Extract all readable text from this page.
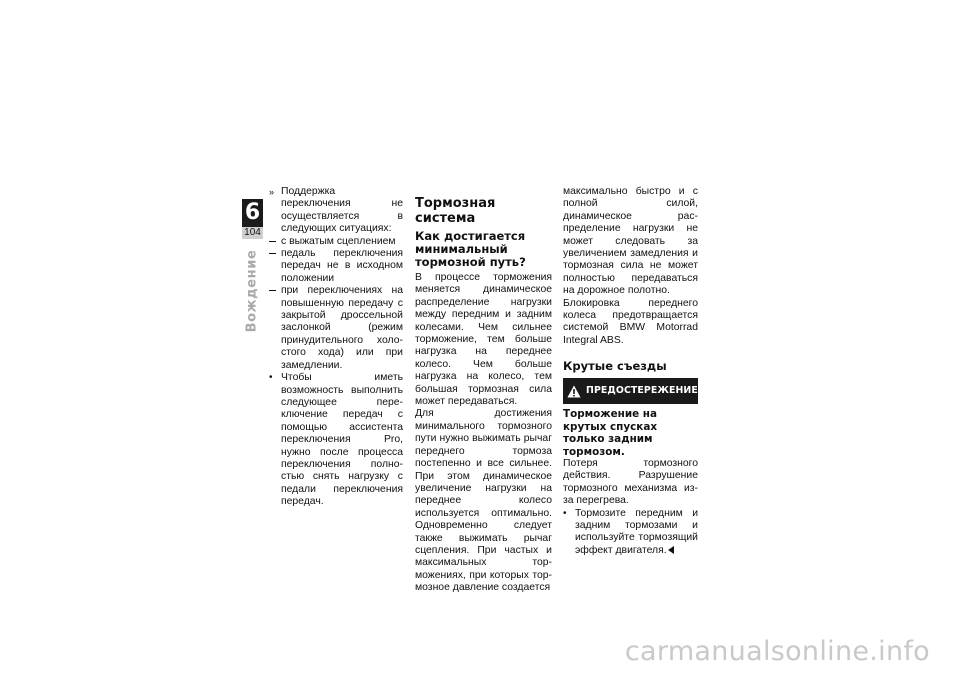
6
104
Вождение
» Поддержка переключения не осуществляется в следующих ситуациях:
с выжатым сцеплением
педаль переключения передач не в исходном положении
при переключениях на повышенную передачу с закрытой дроссельной заслонкой (режим принудительного холостого хода) или при замедлении.
• Чтобы иметь возможность выполнить следующее переключение передач с помощью ассистента переключения Pro, нужно после процесса переключения полностью снять нагрузку с педали переключения передач.
Тормозная система
Как достигается минимальный тормозной путь?

В процессе торможения меняется динамическое распределение нагрузки между передним и задним колесами. Чем сильнее торможение, тем больше нагрузка на переднее колесо. Чем больше нагрузка на колесо, тем большая тормозная сила может передаваться.

Для достижения минимального тормозного пути нужно выжимать рычаг переднего тормоза постепенно и все сильнее. При этом динамическое увеличение нагрузки на переднее колесо используется оптимально. Одновременно следует также выжимать рычаг сцепления. При частых и максимальных торможениях, при которых тормозное давление создается

максимально быстро и с полной силой, динамическое распределение нагрузки не может следовать за увеличением замедления и тормозная сила не может полностью передаваться на дорожное полотно.

Блокировка переднего колеса предотвращается системой BMW Motorrad Integral ABS.

Крутые съезды
ПРЕДОСТЕРЕЖЕНИЕ
Торможение на крутых спусках только задним тормозом.

Потеря тормозного действия. Разрушение тормозного механизма из-за перегрева.

• Тормозите передним и задним тормозами и используйте тормозящий эффект двигателя.
carmanualsonline.info
